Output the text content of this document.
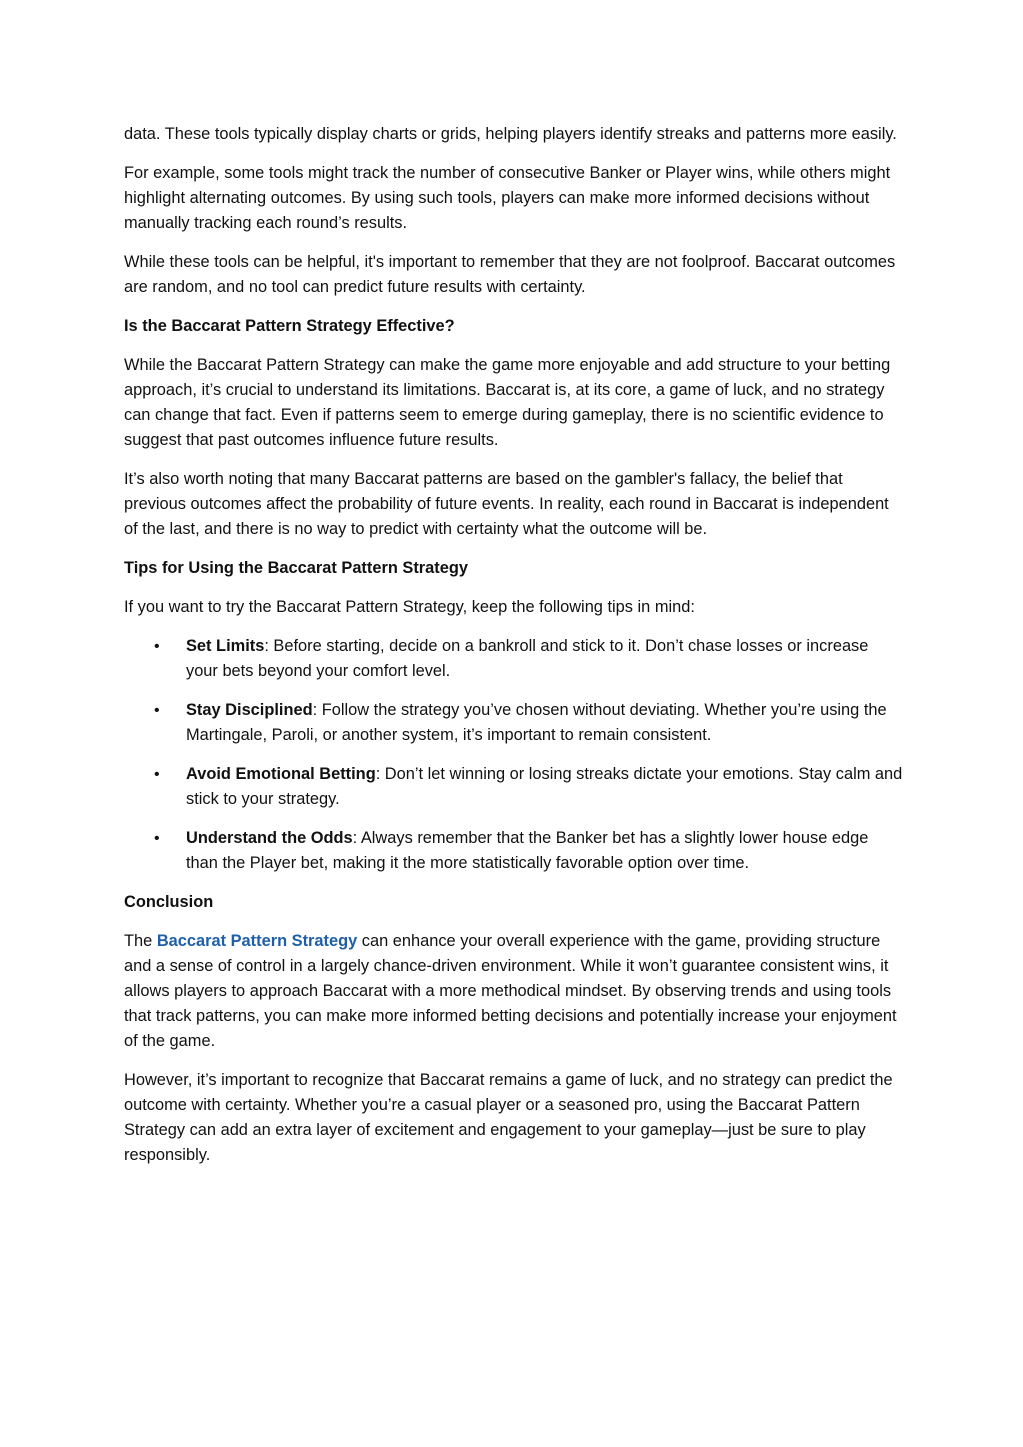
data. These tools typically display charts or grids, helping players identify streaks and patterns more easily.

For example, some tools might track the number of consecutive Banker or Player wins, while others might highlight alternating outcomes. By using such tools, players can make more informed decisions without manually tracking each round’s results.

While these tools can be helpful, it's important to remember that they are not foolproof. Baccarat outcomes are random, and no tool can predict future results with certainty.

Is the Baccarat Pattern Strategy Effective?

While the Baccarat Pattern Strategy can make the game more enjoyable and add structure to your betting approach, it’s crucial to understand its limitations. Baccarat is, at its core, a game of luck, and no strategy can change that fact. Even if patterns seem to emerge during gameplay, there is no scientific evidence to suggest that past outcomes influence future results.

It’s also worth noting that many Baccarat patterns are based on the gambler's fallacy, the belief that previous outcomes affect the probability of future events. In reality, each round in Baccarat is independent of the last, and there is no way to predict with certainty what the outcome will be.

Tips for Using the Baccarat Pattern Strategy

If you want to try the Baccarat Pattern Strategy, keep the following tips in mind:

• Set Limits: Before starting, decide on a bankroll and stick to it. Don’t chase losses or increase your bets beyond your comfort level.
• Stay Disciplined: Follow the strategy you’ve chosen without deviating. Whether you’re using the Martingale, Paroli, or another system, it’s important to remain consistent.
• Avoid Emotional Betting: Don’t let winning or losing streaks dictate your emotions. Stay calm and stick to your strategy.
• Understand the Odds: Always remember that the Banker bet has a slightly lower house edge than the Player bet, making it the more statistically favorable option over time.

Conclusion

The Baccarat Pattern Strategy can enhance your overall experience with the game, providing structure and a sense of control in a largely chance-driven environment. While it won’t guarantee consistent wins, it allows players to approach Baccarat with a more methodical mindset. By observing trends and using tools that track patterns, you can make more informed betting decisions and potentially increase your enjoyment of the game.

However, it’s important to recognize that Baccarat remains a game of luck, and no strategy can predict the outcome with certainty. Whether you’re a casual player or a seasoned pro, using the Baccarat Pattern Strategy can add an extra layer of excitement and engagement to your gameplay—just be sure to play responsibly.
